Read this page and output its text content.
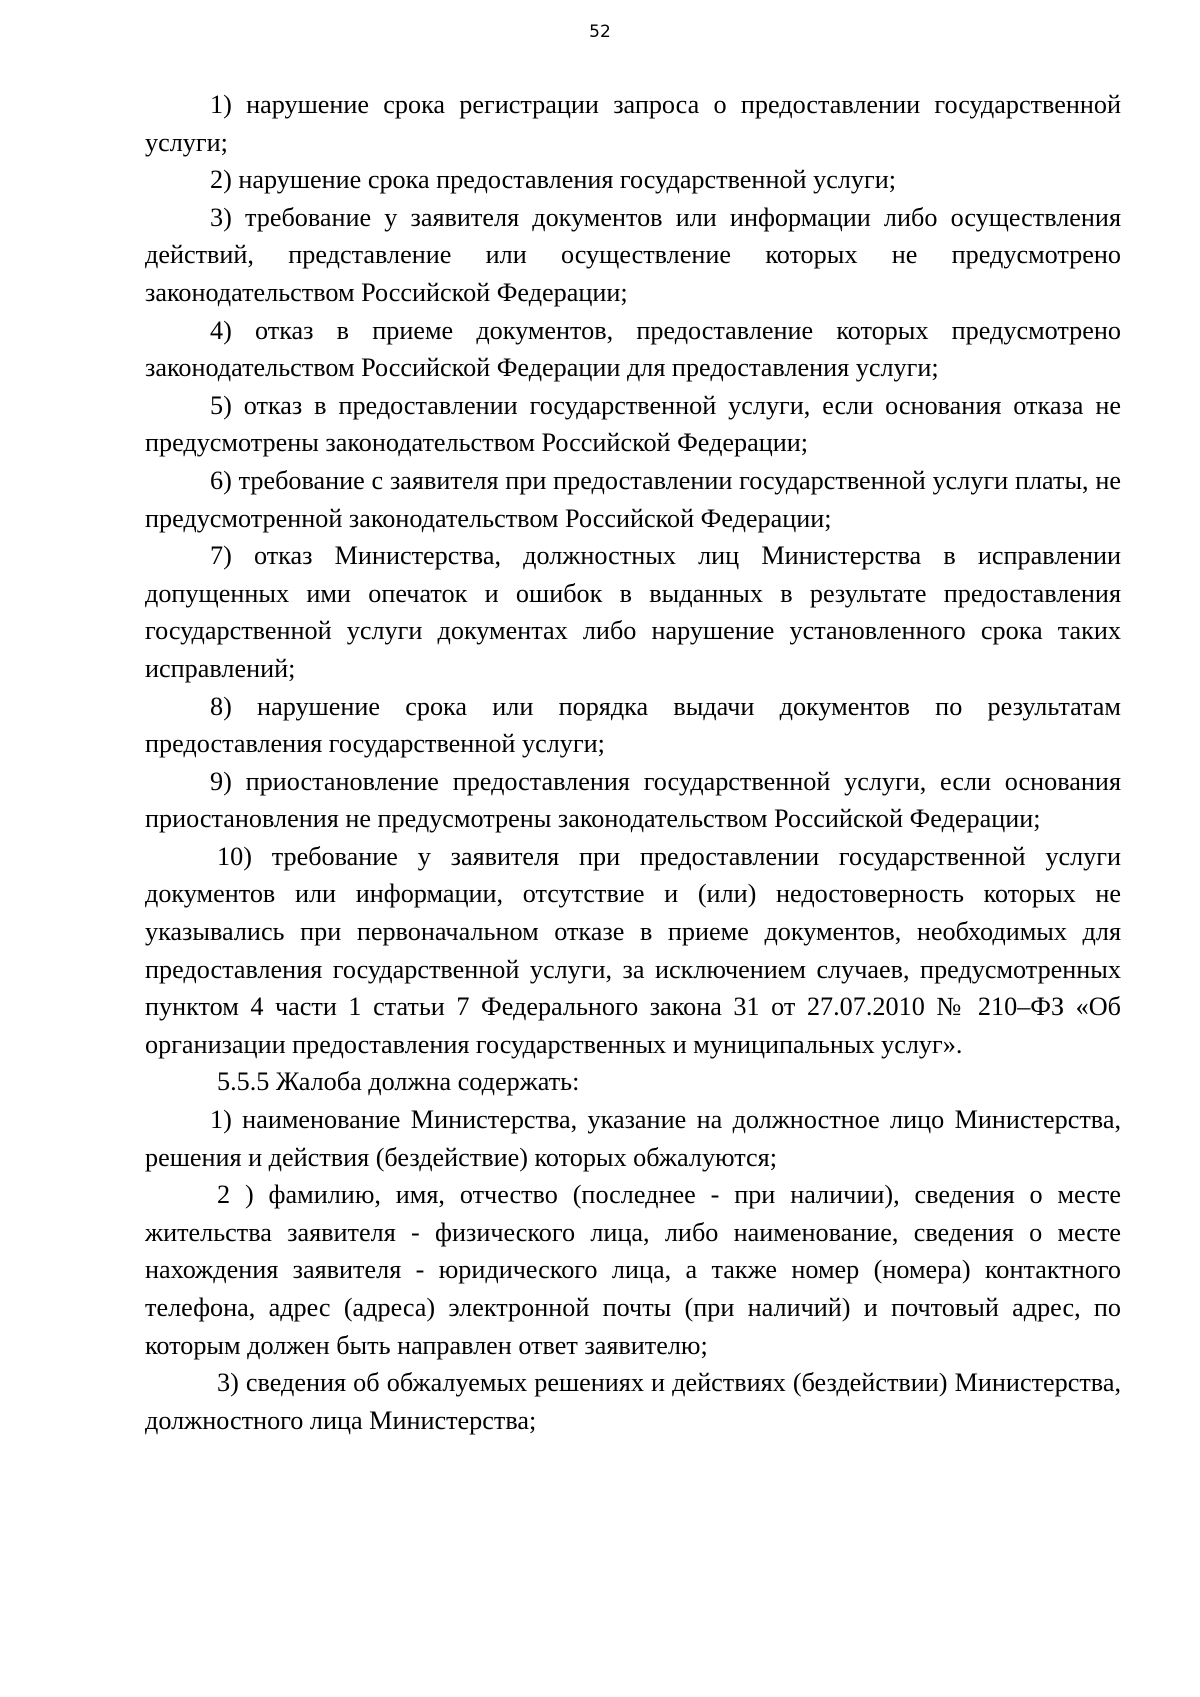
52

1) нарушение срока регистрации запроса о предоставлении государственной услуги;

2) нарушение срока предоставления государственной услуги;

3) требование у заявителя документов или информации либо осуществления действий, представление или осуществление которых не предусмотрено законодательством Российской Федерации;

4) отказ в приеме документов, предоставление которых предусмотрено законодательством Российской Федерации для предоставления услуги;

5) отказ в предоставлении государственной услуги, если основания отказа не предусмотрены законодательством Российской Федерации;

6) требование с заявителя при предоставлении государственной услуги платы, не предусмотренной законодательством Российской Федерации;

7) отказ Министерства, должностных лиц Министерства в исправлении допущенных ими опечаток и ошибок в выданных в результате предоставления государственной услуги документах либо нарушение установленного срока таких исправлений;

8) нарушение срока или порядка выдачи документов по результатам предоставления государственной услуги;

9) приостановление предоставления государственной услуги, если основания приостановления не предусмотрены законодательством Российской Федерации;

10) требование у заявителя при предоставлении государственной услуги документов или информации, отсутствие и (или) недостоверность которых не указывались при первоначальном отказе в приеме документов, необходимых для предоставления государственной услуги, за исключением случаев, предусмотренных пунктом 4 части 1 статьи 7 Федерального закона 31 от 27.07.2010 № 210–ФЗ «Об организации предоставления государственных и муниципальных услуг».

5.5.5 Жалоба должна содержать:

1) наименование Министерства, указание на должностное лицо Министерства, решения и действия (бездействие) которых обжалуются;

2 ) фамилию, имя, отчество (последнее - при наличии), сведения о месте жительства заявителя - физического лица, либо наименование, сведения о месте нахождения заявителя - юридического лица, а также номер (номера) контактного телефона, адрес (адреса) электронной почты (при наличий) и почтовый адрес, по которым должен быть направлен ответ заявителю;

3) сведения об обжалуемых решениях и действиях (бездействии) Министерства, должностного лица Министерства;
